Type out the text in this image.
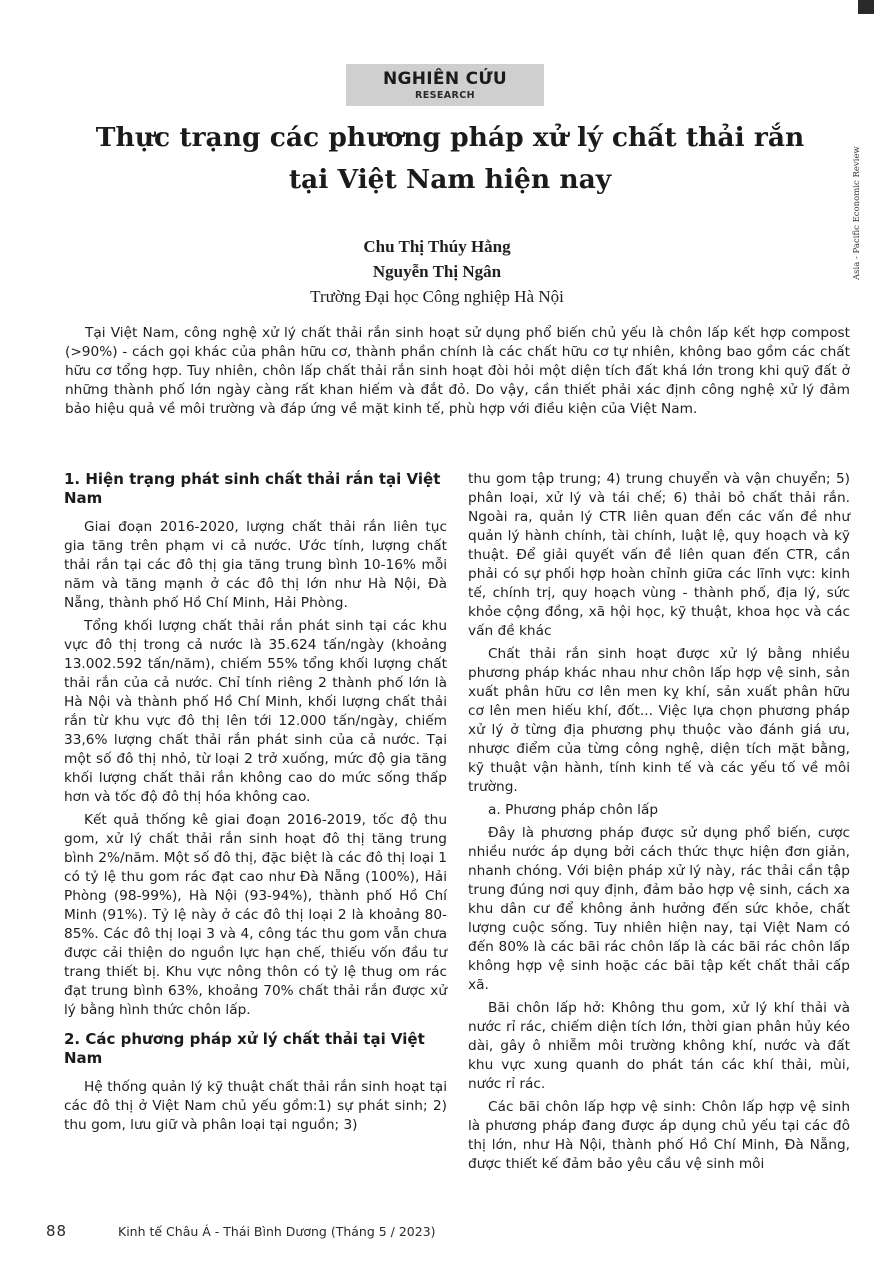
Asia - Pacific Economic Review
NGHIÊN CỨU
RESEARCH
Thực trạng các phương pháp xử lý chất thải rắn
tại Việt Nam hiện nay
Chu Thị Thúy Hằng
Nguyễn Thị Ngân
Trường Đại học Công nghiệp Hà Nội

Tại Việt Nam, công nghệ xử lý chất thải rắn sinh hoạt sử dụng phổ biến chủ yếu là chôn lấp kết hợp compost (>90%) - cách gọi khác của phân hữu cơ, thành phần chính là các chất hữu cơ tự nhiên, không bao gồm các chất hữu cơ tổng hợp. Tuy nhiên, chôn lấp chất thải rắn sinh hoạt đòi hỏi một diện tích đất khá lớn trong khi quỹ đất ở những thành phố lớn ngày càng rất khan hiếm và đắt đỏ. Do vậy, cần thiết phải xác định công nghệ xử lý đảm bảo hiệu quả về môi trường và đáp ứng về mặt kinh tế, phù hợp với điều kiện của Việt Nam.

1. Hiện trạng phát sinh chất thải rắn tại Việt Nam

Giai đoạn 2016-2020, lượng chất thải rắn liên tục gia tăng trên phạm vi cả nước. Ước tính, lượng chất thải rắn tại các đô thị gia tăng trung bình 10-16% mỗi năm và tăng mạnh ở các đô thị lớn như Hà Nội, Đà Nẵng, thành phố Hồ Chí Minh, Hải Phòng.

Tổng khối lượng chất thải rắn phát sinh tại các khu vực đô thị trong cả nước là 35.624 tấn/ngày (khoảng 13.002.592 tấn/năm), chiếm 55% tổng khối lượng chất thải rắn của cả nước. Chỉ tính riêng 2 thành phố lớn là Hà Nội và thành phố Hồ Chí Minh, khối lượng chất thải rắn từ khu vực đô thị lên tới 12.000 tấn/ngày, chiếm 33,6% lượng chất thải rắn phát sinh của cả nước. Tại một số đô thị nhỏ, từ loại 2 trở xuống, mức độ gia tăng khối lượng chất thải rắn không cao do mức sống thấp hơn và tốc độ đô thị hóa không cao.

Kết quả thống kê giai đoạn 2016-2019, tốc độ thu gom, xử lý chất thải rắn sinh hoạt đô thị tăng trung bình 2%/năm. Một số đô thị, đặc biệt là các đô thị loại 1 có tỷ lệ thu gom rác đạt cao như Đà Nẵng (100%), Hải Phòng (98-99%), Hà Nội (93-94%), thành phố Hồ Chí Minh (91%). Tỷ lệ này ở các đô thị loại 2 là khoảng 80-85%. Các đô thị loại 3 và 4, công tác thu gom vẫn chưa được cải thiện do nguồn lực hạn chế, thiếu vốn đầu tư trang thiết bị. Khu vực nông thôn có tỷ lệ thug om rác đạt trung bình 63%, khoảng 70% chất thải rắn được xử lý bằng hình thức chôn lấp.

2. Các phương pháp xử lý chất thải tại Việt Nam

Hệ thống quản lý kỹ thuật chất thải rắn sinh hoạt tại các đô thị ở Việt Nam chủ yếu gồm:1) sự phát sinh; 2) thu gom, lưu giữ và phân loại tại nguồn; 3)

thu gom tập trung; 4) trung chuyển và vận chuyển; 5) phân loại, xử lý và tái chế; 6) thải bỏ chất thải rắn. Ngoài ra, quản lý CTR liên quan đến các vấn đề như quản lý hành chính, tài chính, luật lệ, quy hoạch và kỹ thuật. Để giải quyết vấn đề liên quan đến CTR, cần phải có sự phối hợp hoàn chỉnh giữa các lĩnh vực: kinh tế, chính trị, quy hoạch vùng - thành phố, địa lý, sức khỏe cộng đồng, xã hội học, kỹ thuật, khoa học và các vấn đề khác

Chất thải rắn sinh hoạt được xử lý bằng nhiều phương pháp khác nhau như chôn lấp hợp vệ sinh, sản xuất phân hữu cơ lên men kỵ khí, sản xuất phân hữu cơ lên men hiếu khí, đốt... Việc lựa chọn phương pháp xử lý ở từng địa phương phụ thuộc vào đánh giá ưu, nhược điểm của từng công nghệ, diện tích mặt bằng, kỹ thuật vận hành, tính kinh tế và các yếu tố về môi trường.

a. Phương pháp chôn lấp

Đây là phương pháp được sử dụng phổ biến, cược nhiều nước áp dụng bởi cách thức thực hiện đơn giản, nhanh chóng. Với biện pháp xử lý này, rác thải cần tập trung đúng nơi quy định, đảm bảo hợp vệ sinh, cách xa khu dân cư để không ảnh hưởng đến sức khỏe, chất lượng cuộc sống. Tuy nhiên hiện nay, tại Việt Nam có đến 80% là các bãi rác chôn lấp là các bãi rác chôn lấp không hợp vệ sinh hoặc các bãi tập kết chất thải cấp xã.

Bãi chôn lấp hở: Không thu gom, xử lý khí thải và nước rỉ rác, chiếm diện tích lớn, thời gian phân hủy kéo dài, gây ô nhiễm môi trường không khí, nước và đất khu vực xung quanh do phát tán các khí thải, mùi, nước rỉ rác.

Các bãi chôn lấp hợp vệ sinh: Chôn lấp hợp vệ sinh là phương pháp đang được áp dụng chủ yếu tại các đô thị lớn, như Hà Nội, thành phố Hồ Chí Minh, Đà Nẵng, được thiết kế đảm bảo yêu cầu vệ sinh môi

88	Kinh tế Châu Á - Thái Bình Dương (Tháng 5 / 2023)
